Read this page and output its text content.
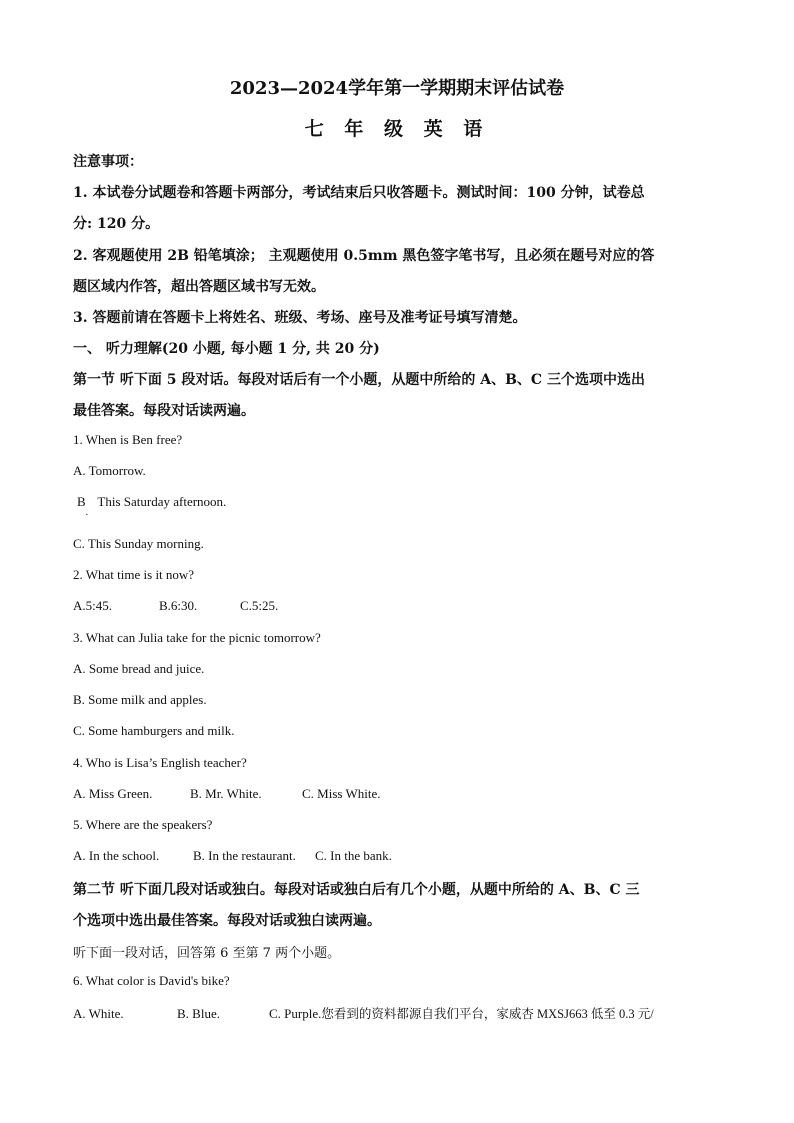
2023—2024学年第一学期期末评估试卷
七 年 级 英 语
注意事项：
1. 本试卷分试题卷和答题卡两部分，考试结束后只收答题卡。测试时间：100 分钟，试卷总
分: 120 分。
2. 客观题使用 2B 铅笔填涂； 主观题使用 0.5mm 黑色签字笔书写，且必须在题号对应的答
题区域内作答，超出答题区域书写无效。
3. 答题前请在答题卡上将姓名、班级、考场、座号及准考证号填写清楚。
一、 听力理解(20 小题, 每小题 1 分, 共 20 分)
第一节 听下面 5 段对话。每段对话后有一个小题，从题中所给的 A、B、C 三个选项中选出
最佳答案。每段对话读两遍。
1. When is Ben free?
A. Tomorrow.
$B_.$ This Saturday afternoon.
C. This Sunday morning.
2. What time is it now?
A.5:45.	B.6:30.	C.5:25.
3. What can Julia take for the picnic tomorrow?
A. Some bread and juice.
B. Some milk and apples.
C. Some hamburgers and milk.
4. Who is Lisa’s English teacher?
A. Miss Green.	B. Mr. White.	C. Miss White.
5. Where are the speakers?
A. In the school.	B. In the restaurant. C. In the bank.
第二节 听下面几段对话或独白。每段对话或独白后有几个小题，从题中所给的 A、B、C 三
个选项中选出最佳答案。每段对话或独白读两遍。
听下面一段对话，回答第 6 至第 7 两个小题。
6. What color is David's bike?
A. White.	B. Blue.	C. Purple.您看到的资料都源自我们平台，家威杏 MXSJ663 低至 0.3 元/
